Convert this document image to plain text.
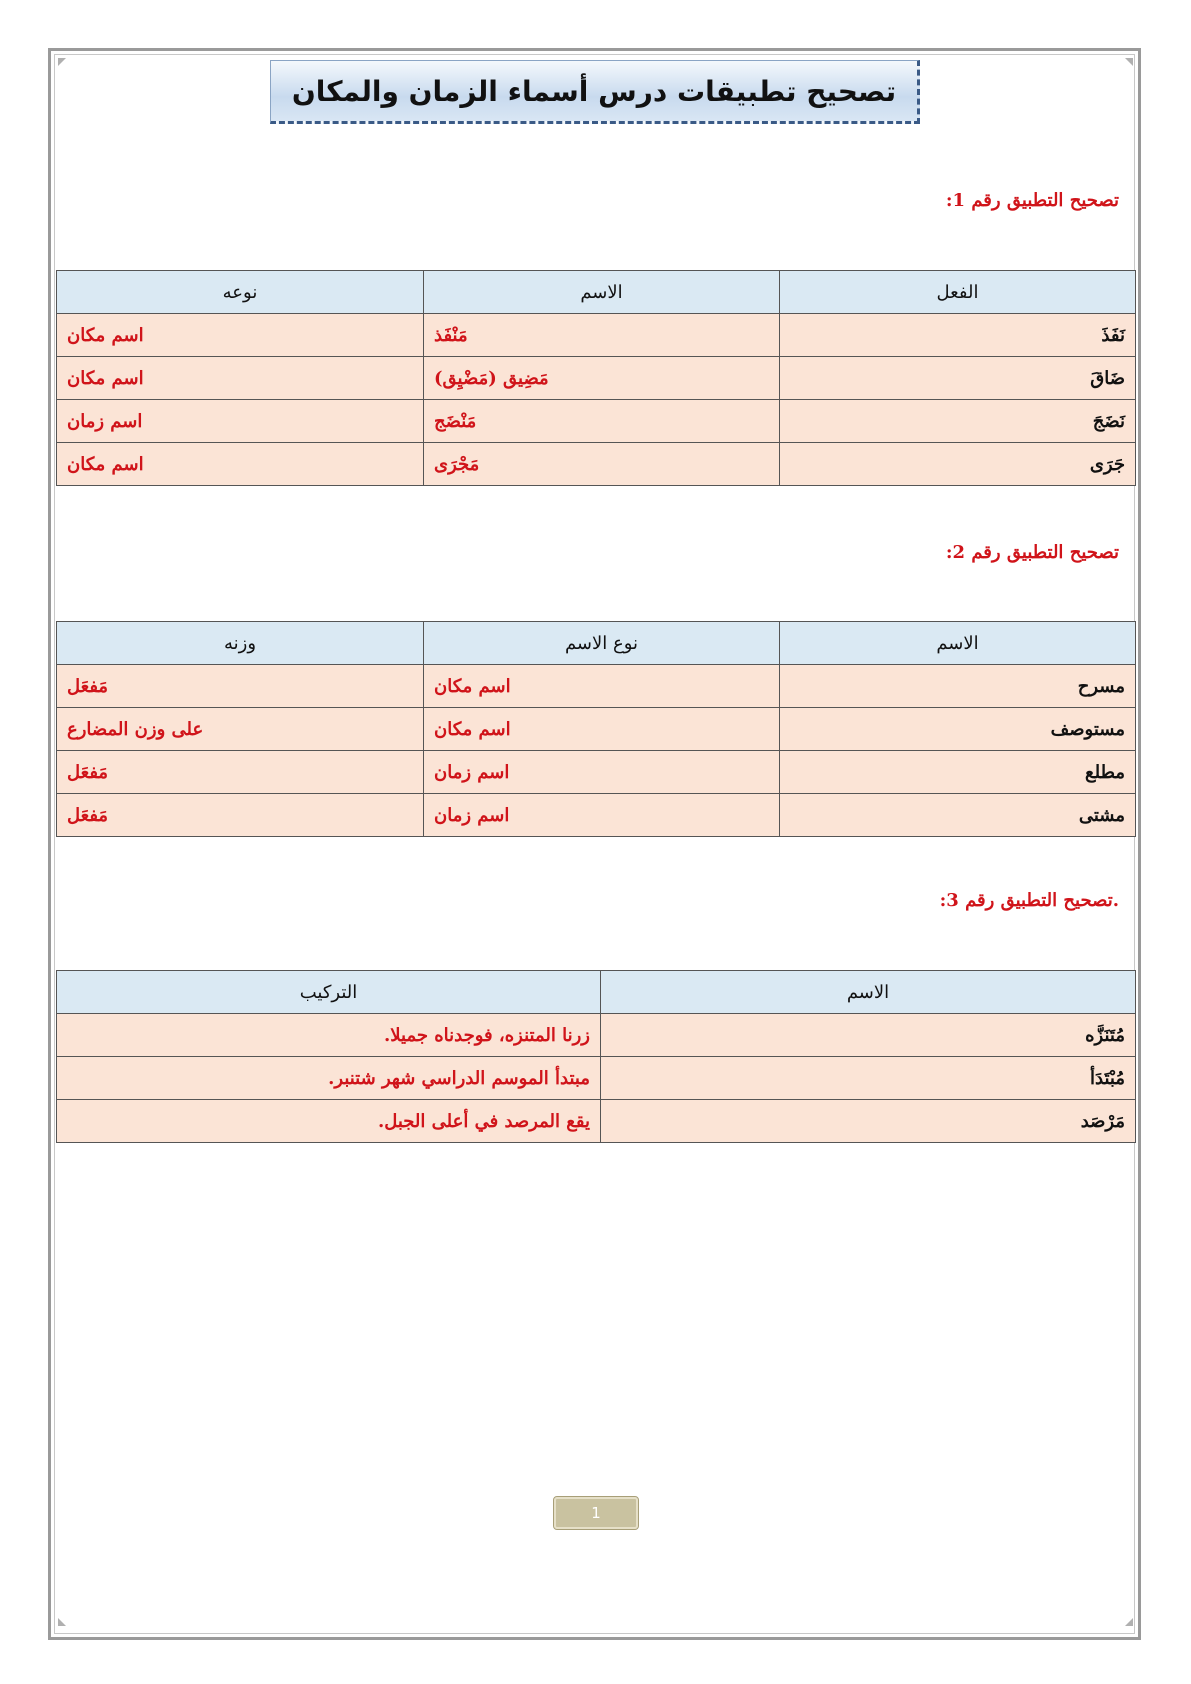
تصحيح تطبيقات درس أسماء الزمان والمكان
تصحيح التطبيق رقم 1:
الفعل	الاسم	نوعه
نَفَذَ	مَنْفَذ	اسم مكان
ضَاقَ	مَضِيق (مَضْيِق)	اسم مكان
نَضَجَ	مَنْضَج	اسم زمان
جَرَى	مَجْرَى	اسم مكان
تصحيح التطبيق رقم 2:
الاسم	نوع الاسم	وزنه
مسرح	اسم مكان	مَفعَل
مستوصف	اسم مكان	على وزن المضارع
مطلع	اسم زمان	مَفعَل
مشتى	اسم زمان	مَفعَل
.تصحيح التطبيق رقم 3:
الاسم	التركيب
مُتَنَزَّه	زرنا المتنزه، فوجدناه جميلا.
مُبْتَدَأ	مبتدأ الموسم الدراسي شهر شتنبر.
مَرْصَد	يقع المرصد في أعلى الجبل.
1
